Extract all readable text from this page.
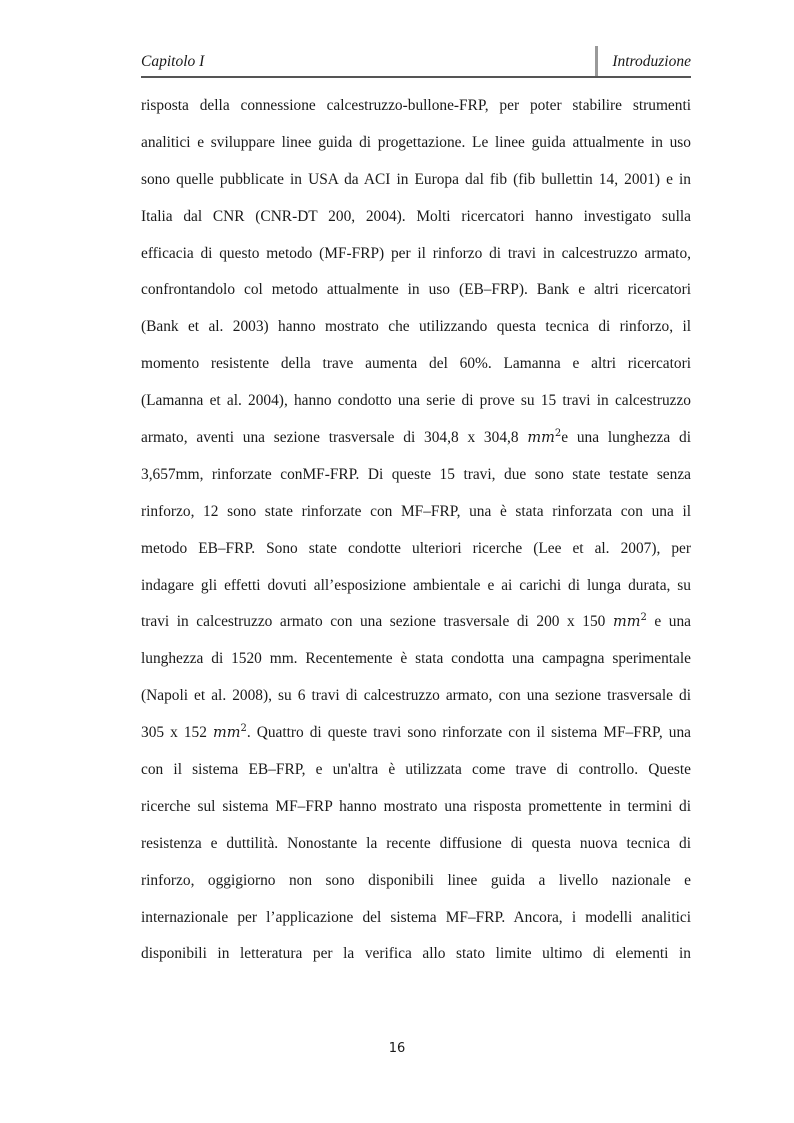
Capitolo I	Introduzione
risposta della connessione calcestruzzo-bullone-FRP, per poter stabilire strumenti
analitici e sviluppare linee guida di progettazione. Le linee guida attualmente in uso
sono quelle pubblicate in USA da ACI in Europa dal fib (fib bullettin 14, 2001) e in
Italia dal CNR (CNR-DT 200, 2004). Molti ricercatori hanno investigato sulla
efficacia di questo metodo (MF-FRP) per il rinforzo di travi in calcestruzzo armato,
confrontandolo col metodo attualmente in uso (EB–FRP). Bank e altri ricercatori
(Bank et al. 2003) hanno mostrato che utilizzando questa tecnica di rinforzo, il
momento resistente della trave aumenta del 60%. Lamanna e altri ricercatori
(Lamanna et al. 2004), hanno condotto una serie di prove su 15 travi in calcestruzzo
armato, aventi una sezione trasversale di 304,8 x 304,8 $mm^2e$ una lunghezza di
3,657mm, rinforzate conMF-FRP. Di queste 15 travi, due sono state testate senza
rinforzo, 12 sono state rinforzate con MF–FRP, una è stata rinforzata con una il
metodo EB–FRP. Sono state condotte ulteriori ricerche (Lee et al. 2007), per
indagare gli effetti dovuti all’esposizione ambientale e ai carichi di lunga durata, su
travi in calcestruzzo armato con una sezione trasversale di 200 x 150 $mm^2$ e una
lunghezza di 1520 mm. Recentemente è stata condotta una campagna sperimentale
(Napoli et al. 2008), su 6 travi di calcestruzzo armato, con una sezione trasversale di
305 x 152 $mm^2$. Quattro di queste travi sono rinforzate con il sistema MF–FRP, una
con il sistema EB–FRP, e un'altra è utilizzata come trave di controllo. Queste
ricerche sul sistema MF–FRP hanno mostrato una risposta promettente in termini di
resistenza e duttilità. Nonostante la recente diffusione di questa nuova tecnica di
rinforzo, oggigiorno non sono disponibili linee guida a livello nazionale e
internazionale per l’applicazione del sistema MF–FRP. Ancora, i modelli analitici
disponibili in letteratura per la verifica allo stato limite ultimo di elementi in
16
